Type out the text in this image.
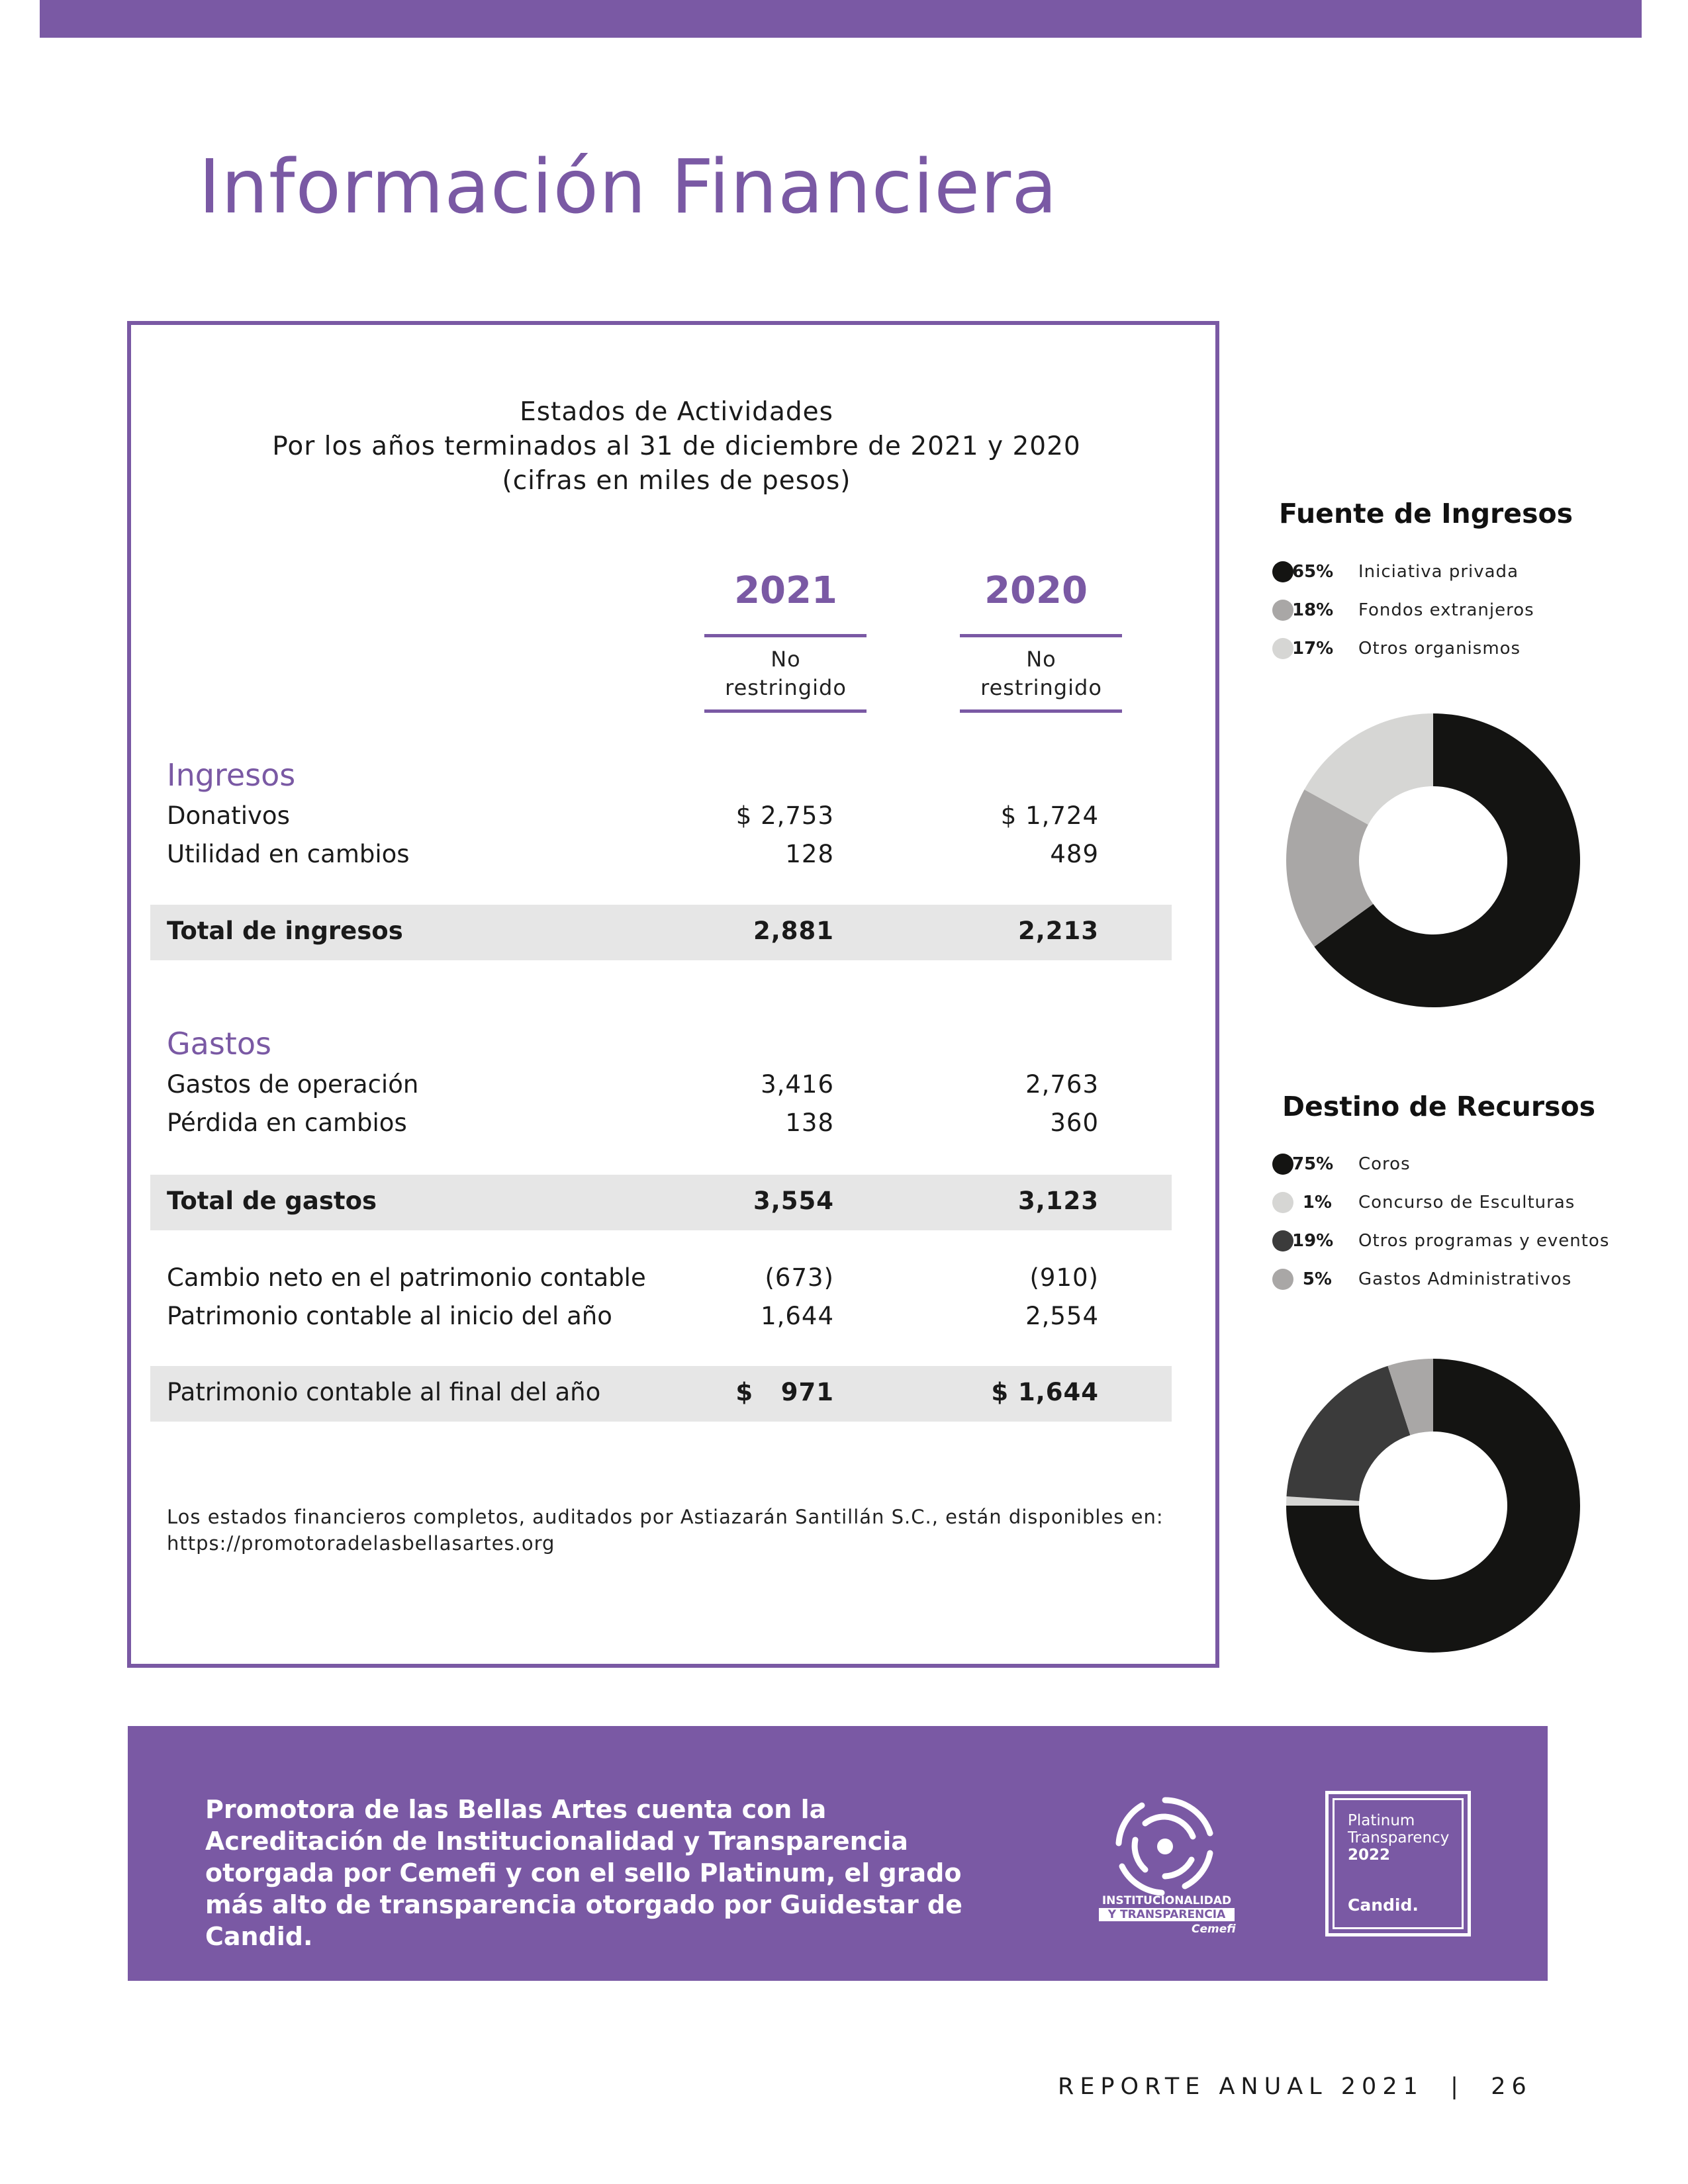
Información Financiera
Estados de Actividades
Por los años terminados al 31 de diciembre de 2021 y 2020
(cifras en miles de pesos)
2021	2020
No
restringido
No
restringido
Ingresos
Donativos	$ 2,753	$ 1,724
Utilidad en cambios	128	489
Total de ingresos	2,881	2,213
Gastos
Gastos de operación	3,416	2,763
Pérdida en cambios	138	360
Total de gastos	3,554	3,123
Cambio neto en el patrimonio contable	(673)	(910)
Patrimonio contable al inicio del año	1,644	2,554
Patrimonio contable al final del año	$   971	$ 1,644
Los estados financieros completos, auditados por Astiazarán Santillán S.C., están disponibles en:
https://promotoradelasbellasartes.org
Fuente de Ingresos
65% Iniciativa privada
18% Fondos extranjeros
17% Otros organismos
Destino de Recursos
75% Coros
1% Concurso de Esculturas
19% Otros programas y eventos
5% Gastos Administrativos
Promotora de las Bellas Artes cuenta con la Acreditación de Institucionalidad y Transparencia otorgada por Cemefi y con el sello Platinum, el grado más alto de transparencia otorgado por Guidestar de Candid.
INSTITUCIONALIDAD
Y TRANSPARENCIA
Cemefi
Platinum
Transparency
2022
Candid.
REPORTE ANUAL 2021  |  26
